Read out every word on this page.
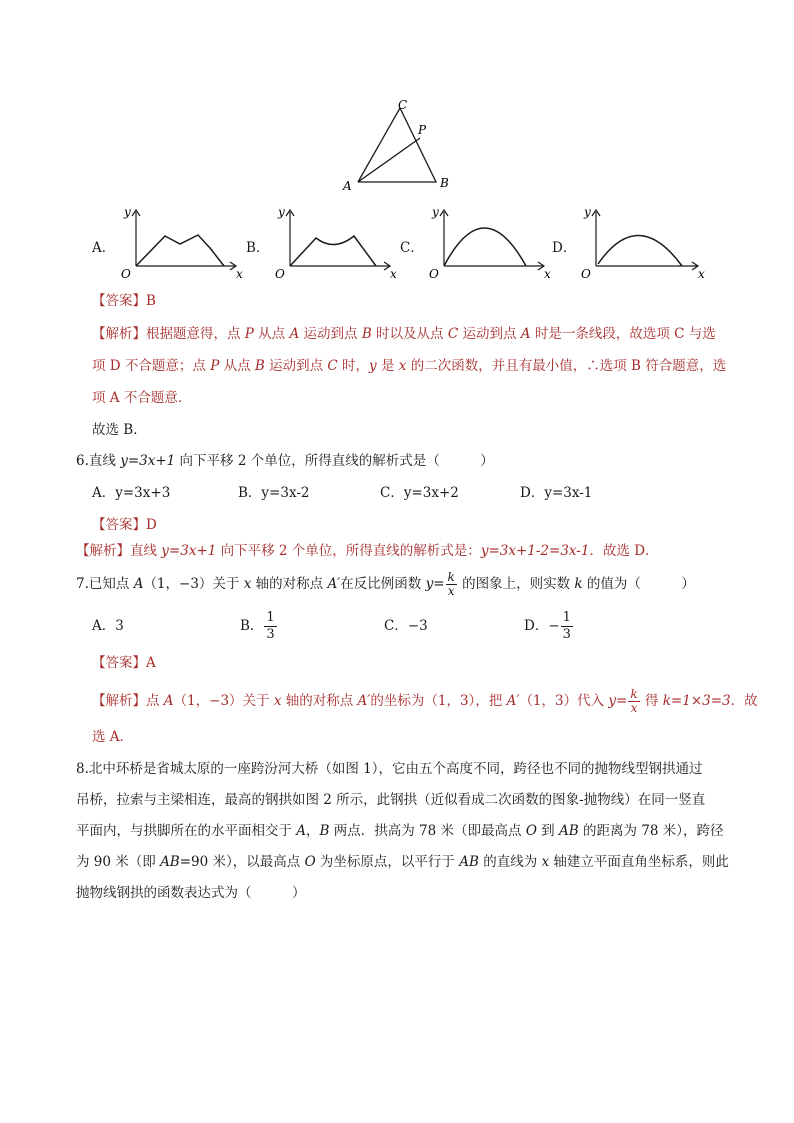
C
P
A	B
A．
y
O	x
B．
y
O	x
C．
y
O	x
D．
y
O	x
【答案】B
【解析】根据题意得，点 P 从点 A 运动到点 B 时以及从点 C 运动到点 A 时是一条线段，故选项 C 与选
项 D 不合题意；点 P 从点 B 运动到点 C 时，y 是 x 的二次函数，并且有最小值，∴选项 B 符合题意，选
项 A 不合题意．
故选 B．
6.直线 y=3x+1 向下平移 2 个单位，所得直线的解析式是（　　　）
A．y=3x+3	B．y=3x-2	C．y=3x+2	D．y=3x-1
【答案】D
【解析】直线 y=3x+1 向下平移 2 个单位，所得直线的解析式是：y=3x+1-2=3x-1．故选 D．
7.已知点 A（1，−3）关于 x 轴的对称点 A′在反比例函数 $y= \frac{k}{x}$ 的图象上，则实数 k 的值为（　　　）
A．3	B． $\frac{1}{3}$	C．−3	D．− $\frac{1}{3}$
【答案】A
【解析】点 A（1，−3）关于 x 轴的对称点 A′的坐标为（1，3），把 A′（1，3）代入 $y= \frac{k}{x}$ 得 k=1×3=3．故
选 A．
8.北中环桥是省城太原的一座跨汾河大桥（如图 1），它由五个高度不同，跨径也不同的抛物线型钢拱通过
吊桥，拉索与主梁相连，最高的钢拱如图 2 所示，此钢拱（近似看成二次函数的图象-抛物线）在同一竖直
平面内，与拱脚所在的水平面相交于 A，B 两点．拱高为 78 米（即最高点 O 到 AB 的距离为 78 米），跨径
为 90 米（即 AB=90 米），以最高点 O 为坐标原点，以平行于 AB 的直线为 x 轴建立平面直角坐标系，则此
抛物线钢拱的函数表达式为（　　　）
